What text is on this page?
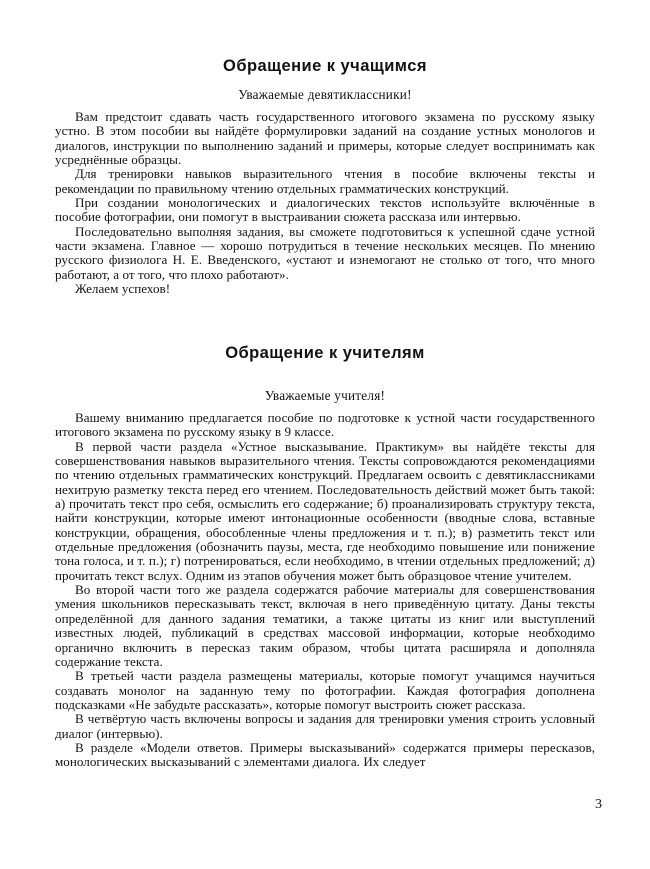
Обращение к учащимся

Уважаемые девятиклассники!

Вам предстоит сдавать часть государственного итогового экзамена по русскому языку устно. В этом пособии вы найдёте формулировки заданий на создание устных монологов и диалогов, инструкции по выполнению заданий и примеры, которые следует воспринимать как усреднённые образцы.

Для тренировки навыков выразительного чтения в пособие включены тексты и рекомендации по правильному чтению отдельных грамматических конструкций.

При создании монологических и диалогических текстов используйте включённые в пособие фотографии, они помогут в выстраивании сюжета рассказа или интервью.

Последовательно выполняя задания, вы сможете подготовиться к успешной сдаче устной части экзамена. Главное — хорошо потрудиться в течение нескольких месяцев. По мнению русского физиолога Н. Е. Введенского, «устают и изнемогают не столько от того, что много работают, а от того, что плохо работают».

Желаем успехов!

Обращение к учителям

Уважаемые учителя!

Вашему вниманию предлагается пособие по подготовке к устной части государственного итогового экзамена по русскому языку в 9 классе.

В первой части раздела «Устное высказывание. Практикум» вы найдёте тексты для совершенствования навыков выразительного чтения. Тексты сопровождаются рекомендациями по чтению отдельных грамматических конструкций. Предлагаем освоить с девятиклассниками нехитрую разметку текста перед его чтением. Последовательность действий может быть такой: а) прочитать текст про себя, осмыслить его содержание; б) проанализировать структуру текста, найти конструкции, которые имеют интонационные особенности (вводные слова, вставные конструкции, обращения, обособленные члены предложения и т. п.); в) разметить текст или отдельные предложения (обозначить паузы, места, где необходимо повышение или понижение тона голоса, и т. п.); г) потренироваться, если необходимо, в чтении отдельных предложений; д) прочитать текст вслух. Одним из этапов обучения может быть образцовое чтение учителем.

Во второй части того же раздела содержатся рабочие материалы для совершенствования умения школьников пересказывать текст, включая в него приведённую цитату. Даны тексты определённой для данного задания тематики, а также цитаты из книг или выступлений известных людей, публикаций в средствах массовой информации, которые необходимо органично включить в пересказ таким образом, чтобы цитата расширяла и дополняла содержание текста.

В третьей части раздела размещены материалы, которые помогут учащимся научиться создавать монолог на заданную тему по фотографии. Каждая фотография дополнена подсказками «Не забудьте рассказать», которые помогут выстроить сюжет рассказа.

В четвёртую часть включены вопросы и задания для тренировки умения строить условный диалог (интервью).

В разделе «Модели ответов. Примеры высказываний» содержатся примеры пересказов, монологических высказываний с элементами диалога. Их следует

3
